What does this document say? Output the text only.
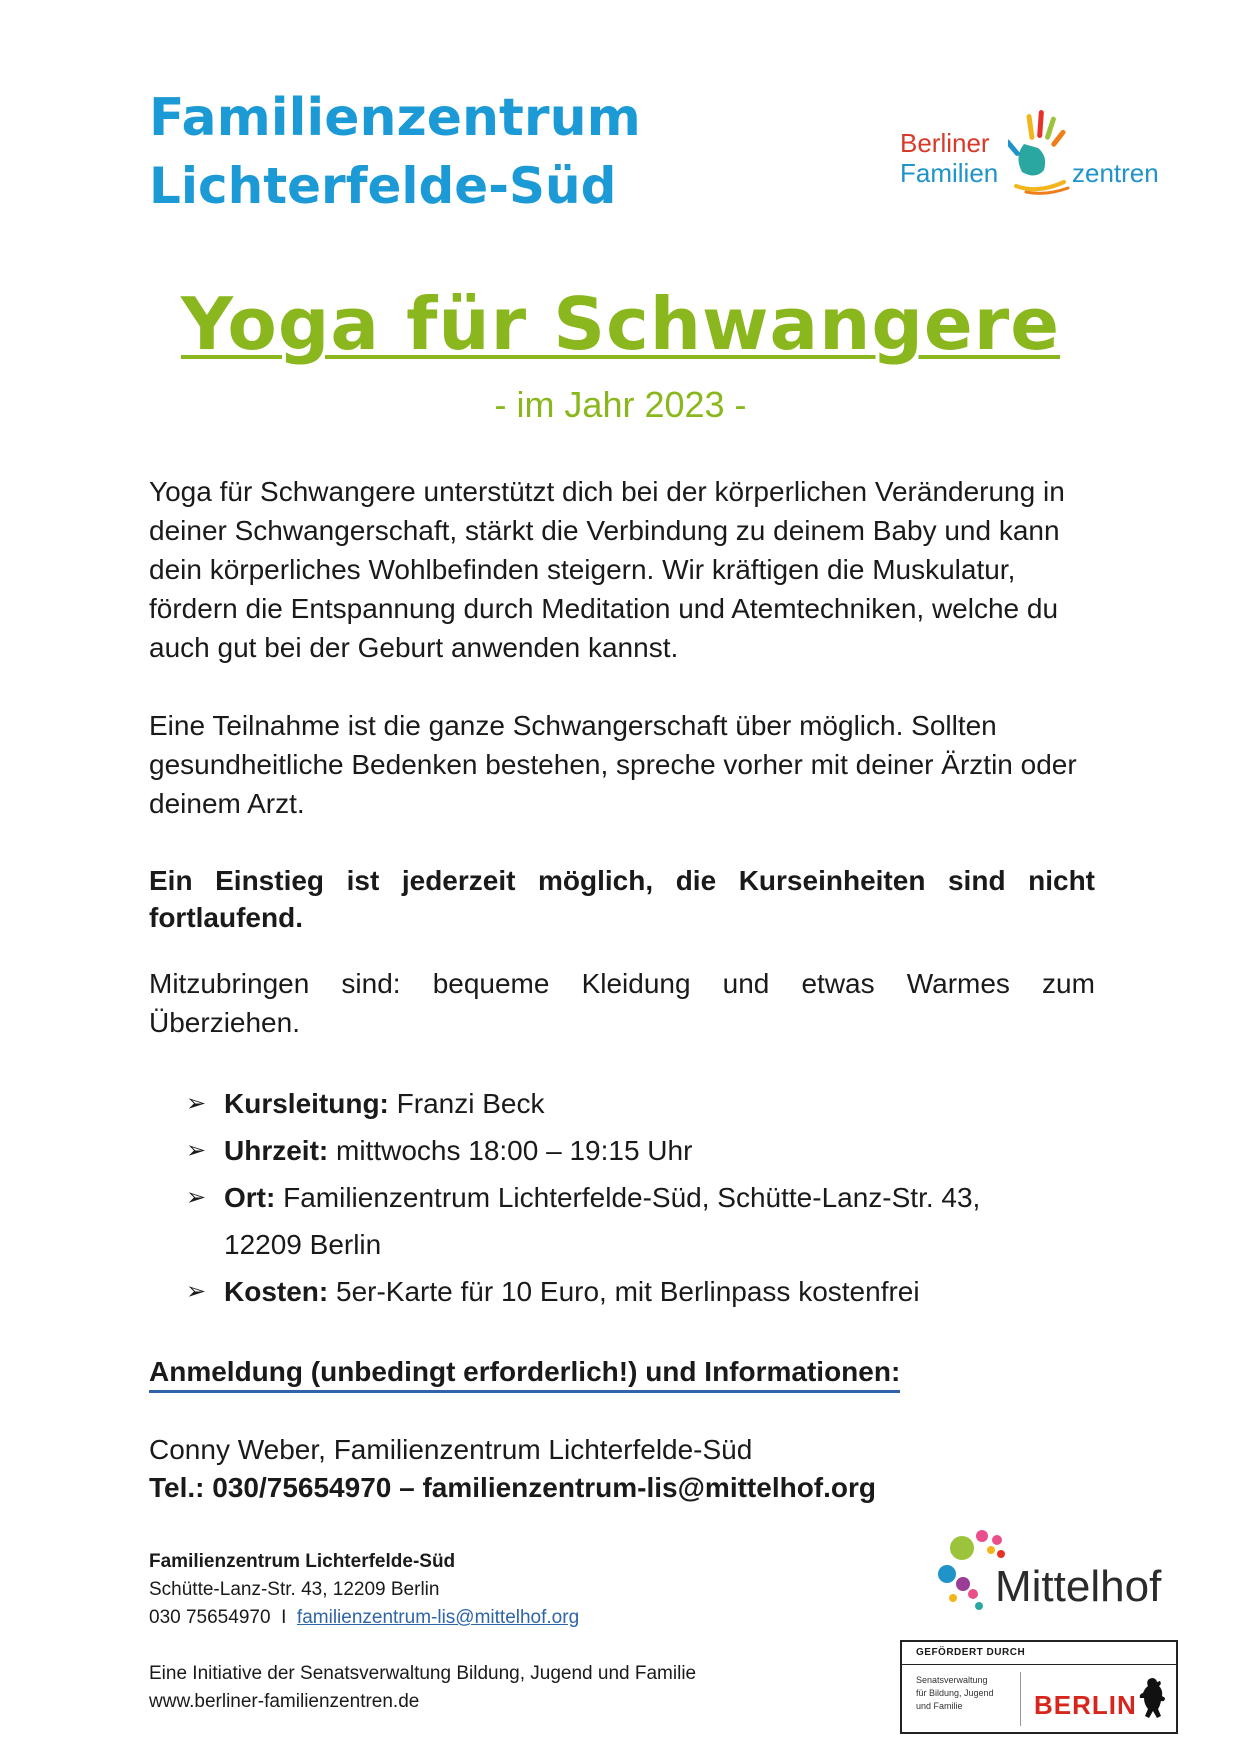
Familienzentrum
Lichterfelde-Süd
Berliner
Familien	zentren
Yoga für Schwangere
- im Jahr 2023 -
Yoga für Schwangere unterstützt dich bei der körperlichen Veränderung in deiner Schwangerschaft, stärkt die Verbindung zu deinem Baby und kann dein körperliches Wohlbefinden steigern. Wir kräftigen die Muskulatur, fördern die Entspannung durch Meditation und Atemtechniken, welche du auch gut bei der Geburt anwenden kannst.
Eine Teilnahme ist die ganze Schwangerschaft über möglich. Sollten gesundheitliche Bedenken bestehen, spreche vorher mit deiner Ärztin oder deinem Arzt.
Ein Einstieg ist jederzeit möglich, die Kurseinheiten sind nicht fortlaufend.
Mitzubringen sind: bequeme Kleidung und etwas Warmes zum
Überziehen.
➢ Kursleitung: Franzi Beck
➢ Uhrzeit: mittwochs 18:00 – 19:15 Uhr
➢ Ort: Familienzentrum Lichterfelde-Süd, Schütte-Lanz-Str. 43,
12209 Berlin
➢ Kosten: 5er-Karte für 10 Euro, mit Berlinpass kostenfrei
Anmeldung (unbedingt erforderlich!) und Informationen:
Conny Weber, Familienzentrum Lichterfelde-Süd
Tel.: 030/75654970 – familienzentrum-lis@mittelhof.org
Familienzentrum Lichterfelde-Süd
Schütte-Lanz-Str. 43, 12209 Berlin
030 75654970  I  familienzentrum-lis@mittelhof.org
Eine Initiative der Senatsverwaltung Bildung, Jugend und Familie
www.berliner-familienzentren.de
Mittelhof
GEFÖRDERT DURCH
Senatsverwaltung
für Bildung, Jugend
und Familie	BERLIN
